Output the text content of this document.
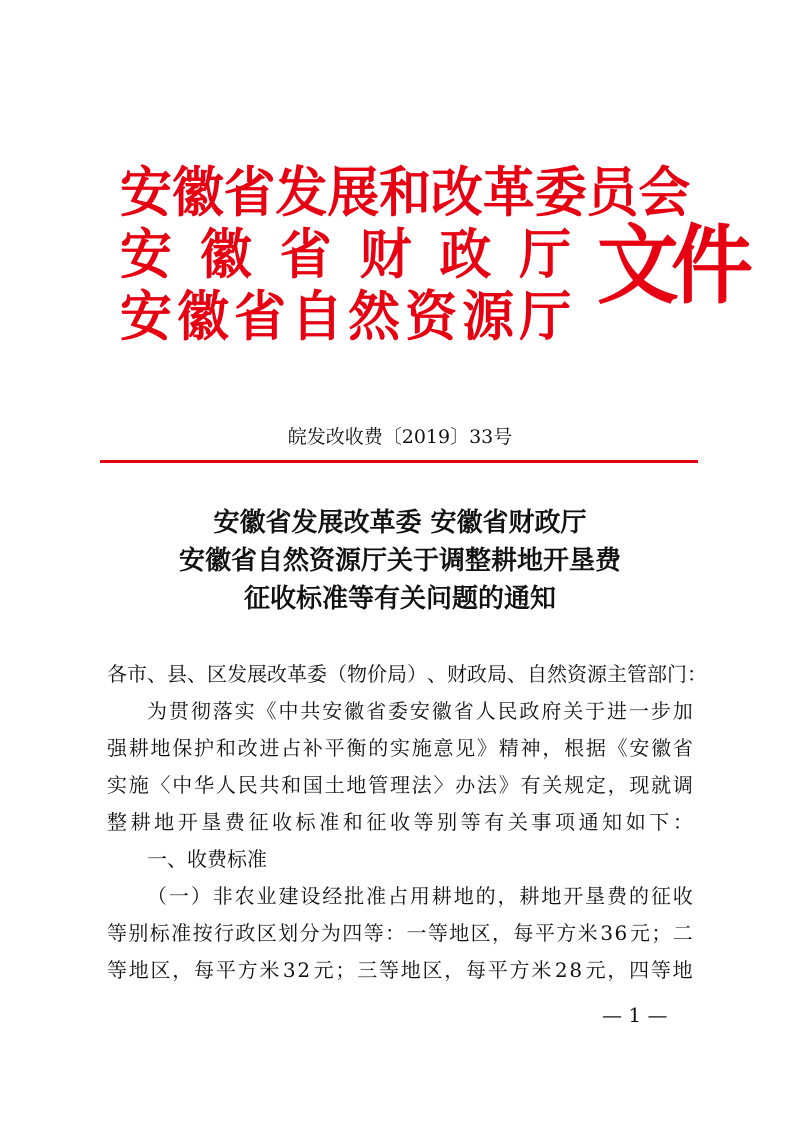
安 徽 省 发 展 和 改 革 委 员 会
安 徽 省 财 政 厅
安 徽 省 自 然 资 源 厅
文件
皖发改收费〔2019〕33号
安徽省发展改革委 安徽省财政厅
安徽省自然资源厅关于调整耕地开垦费
征收标准等有关问题的通知
各 市 、 县 、 区 发 展 改 革 委 （ 物 价 局 ） 、 财 政 局 、 自 然 资 源 主 管 部 门 ：
为 贯 彻 落 实 《 中 共 安 徽 省 委 安 徽 省 人 民 政 府 关 于 进 一 步 加
强 耕 地 保 护 和 改 进 占 补 平 衡 的 实 施 意 见 》 精 神 ， 根 据 《 安 徽 省
实 施 〈 中 华 人 民 共 和 国 土 地 管 理 法 〉 办 法 》 有 关 规 定 ， 现 就 调
整 耕 地 开 垦 费 征 收 标 准 和 征 收 等 别 等 有 关 事 项 通 知 如 下 ：
一 、 收 费 标 准
（ 一 ） 非 农 业 建 设 经 批 准 占 用 耕 地 的 ， 耕 地 开 垦 费 的 征 收
等 别 标 准 按 行 政 区 划 分 为 四 等 ： 一 等 地 区 ， 每 平 方 米 3 6 元 ； 二
等 地 区 ， 每 平 方 米 3 2 元 ； 三 等 地 区 ， 每 平 方 米 2 8 元 ， 四 等 地
— 1 —
